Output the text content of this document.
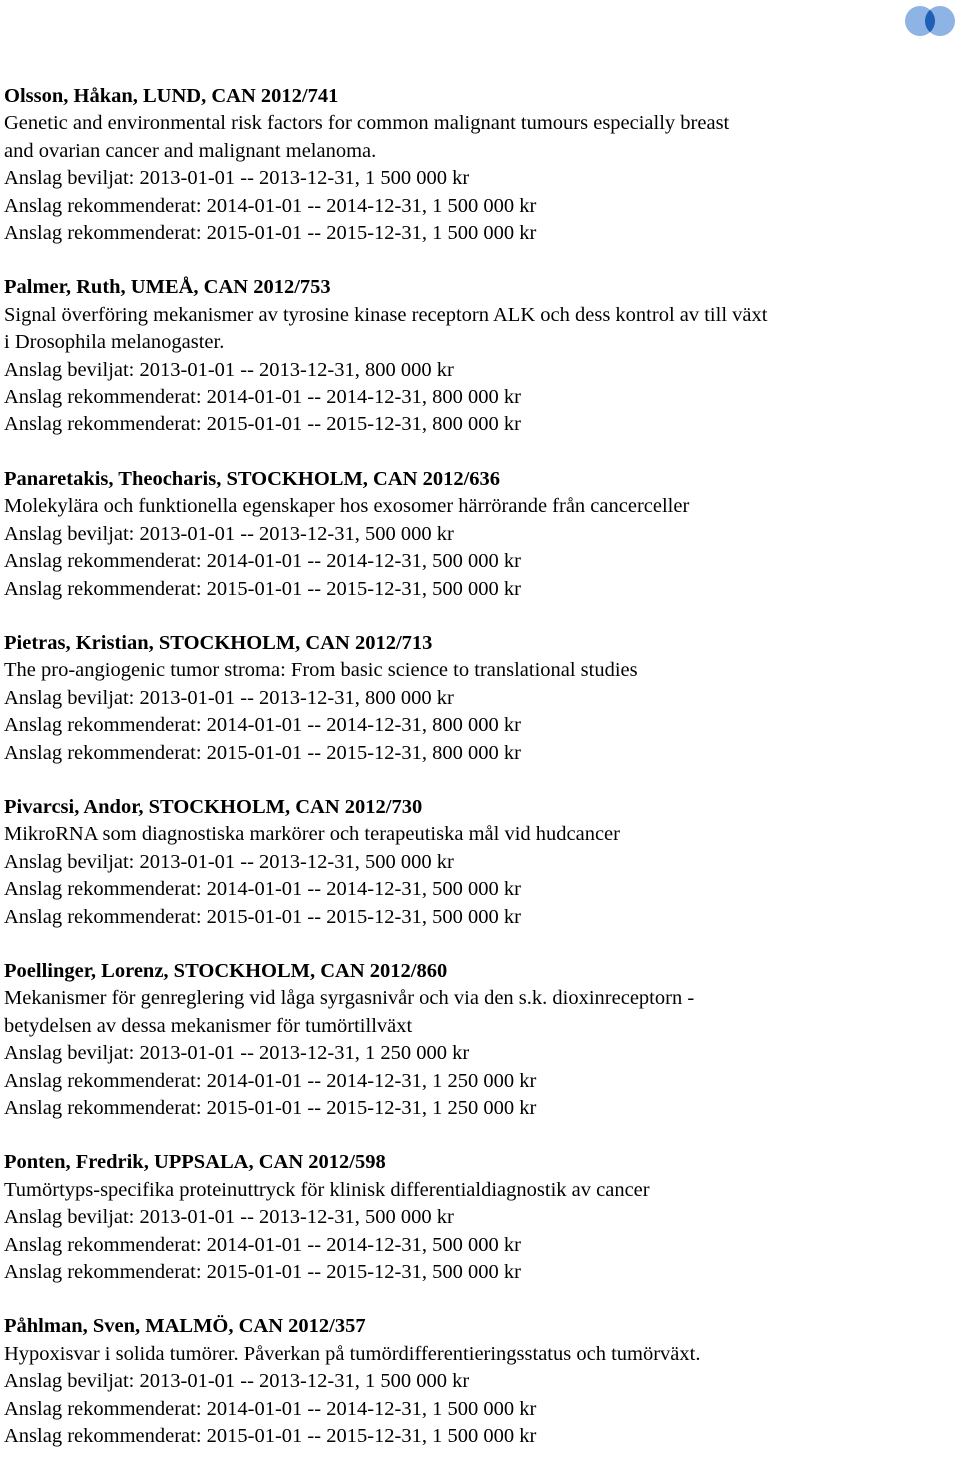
Olsson, Håkan, LUND, CAN 2012/741
Genetic and environmental risk factors for common malignant tumours especially breast
and ovarian cancer and malignant melanoma.
Anslag beviljat: 2013-01-01 -- 2013-12-31, 1 500 000 kr
Anslag rekommenderat: 2014-01-01 -- 2014-12-31, 1 500 000 kr
Anslag rekommenderat: 2015-01-01 -- 2015-12-31, 1 500 000 kr
Palmer, Ruth, UMEÅ, CAN 2012/753
Signal överföring mekanismer av tyrosine kinase receptorn ALK och dess kontrol av till växt
i Drosophila melanogaster.
Anslag beviljat: 2013-01-01 -- 2013-12-31, 800 000 kr
Anslag rekommenderat: 2014-01-01 -- 2014-12-31, 800 000 kr
Anslag rekommenderat: 2015-01-01 -- 2015-12-31, 800 000 kr
Panaretakis, Theocharis, STOCKHOLM, CAN 2012/636
Molekylära och funktionella egenskaper hos exosomer härrörande från cancerceller
Anslag beviljat: 2013-01-01 -- 2013-12-31, 500 000 kr
Anslag rekommenderat: 2014-01-01 -- 2014-12-31, 500 000 kr
Anslag rekommenderat: 2015-01-01 -- 2015-12-31, 500 000 kr
Pietras, Kristian, STOCKHOLM, CAN 2012/713
The pro-angiogenic tumor stroma: From basic science to translational studies
Anslag beviljat: 2013-01-01 -- 2013-12-31, 800 000 kr
Anslag rekommenderat: 2014-01-01 -- 2014-12-31, 800 000 kr
Anslag rekommenderat: 2015-01-01 -- 2015-12-31, 800 000 kr
Pivarcsi, Andor, STOCKHOLM, CAN 2012/730
MikroRNA som diagnostiska markörer och terapeutiska mål vid hudcancer
Anslag beviljat: 2013-01-01 -- 2013-12-31, 500 000 kr
Anslag rekommenderat: 2014-01-01 -- 2014-12-31, 500 000 kr
Anslag rekommenderat: 2015-01-01 -- 2015-12-31, 500 000 kr
Poellinger, Lorenz, STOCKHOLM, CAN 2012/860
Mekanismer för genreglering vid låga syrgasnivår och via den s.k. dioxinreceptorn -
betydelsen av dessa mekanismer för tumörtillväxt
Anslag beviljat: 2013-01-01 -- 2013-12-31, 1 250 000 kr
Anslag rekommenderat: 2014-01-01 -- 2014-12-31, 1 250 000 kr
Anslag rekommenderat: 2015-01-01 -- 2015-12-31, 1 250 000 kr
Ponten, Fredrik, UPPSALA, CAN 2012/598
Tumörtyps-specifika proteinuttryck för klinisk differentialdiagnostik av cancer
Anslag beviljat: 2013-01-01 -- 2013-12-31, 500 000 kr
Anslag rekommenderat: 2014-01-01 -- 2014-12-31, 500 000 kr
Anslag rekommenderat: 2015-01-01 -- 2015-12-31, 500 000 kr
Påhlman, Sven, MALMÖ, CAN 2012/357
Hypoxisvar i solida tumörer. Påverkan på tumördifferentieringsstatus och tumörväxt.
Anslag beviljat: 2013-01-01 -- 2013-12-31, 1 500 000 kr
Anslag rekommenderat: 2014-01-01 -- 2014-12-31, 1 500 000 kr
Anslag rekommenderat: 2015-01-01 -- 2015-12-31, 1 500 000 kr
